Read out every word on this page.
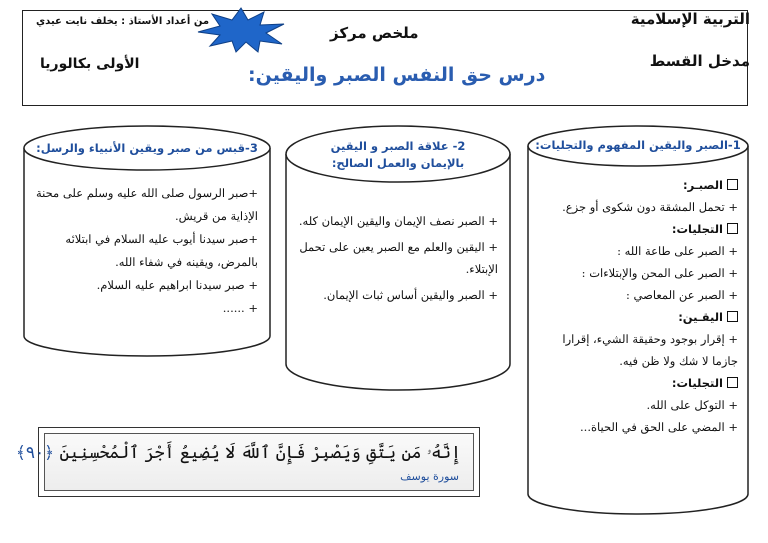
التربية الإسلامية
مدخل القسط
ملخص مركز
درس حق النفس الصبر واليقين:
من أعداد الأستاذ : يخلف نايت عيدي
الأولى بكالوريا
1-الصبر واليقين المفهوم والتجليات:

الصبـر:

+ تحمل المشقة دون شكوى أو جزع.

التجليات:

+ الصبر على طاعة الله :

+ الصبر على المحن والإبتلاءات :

+ الصبر عن المعاصي :

اليقـين:

+ إقرار بوجود وحقيقة الشيء، إقرارا جازما لا شك ولا ظن فيه.

التجليات:

+ التوكل على الله.

+ المضي على الحق في الحياة...

2- علاقة الصبر و اليقين بالإيمان والعمل الصالح:

+ الصبر نصف الإيمان واليقين الإيمان كله.

+ اليقين والعلم مع الصبر يعين على تحمل الإبتلاء.

+ الصبر واليقين أساس ثبات الإيمان.

3-قبس من صبر ويقين الأنبياء والرسل:

+صبر الرسول صلى الله عليه وسلم على محنة الإذاية من قريش.

+صبر سيدنا أيوب عليه السلام في ابتلائه بالمرض، ويقينه في شفاء الله.

+ صبر سيدنا ابراهيم عليه السلام.

+ ......

إِنَّهُۥ مَن يَتَّقِ وَيَصْبِرْ فَإِنَّ ٱللَّهَ لَا يُضِيعُ أَجْرَ ٱلْمُحْسِنِينَ ﴿٩٠﴾
سورة يوسف
